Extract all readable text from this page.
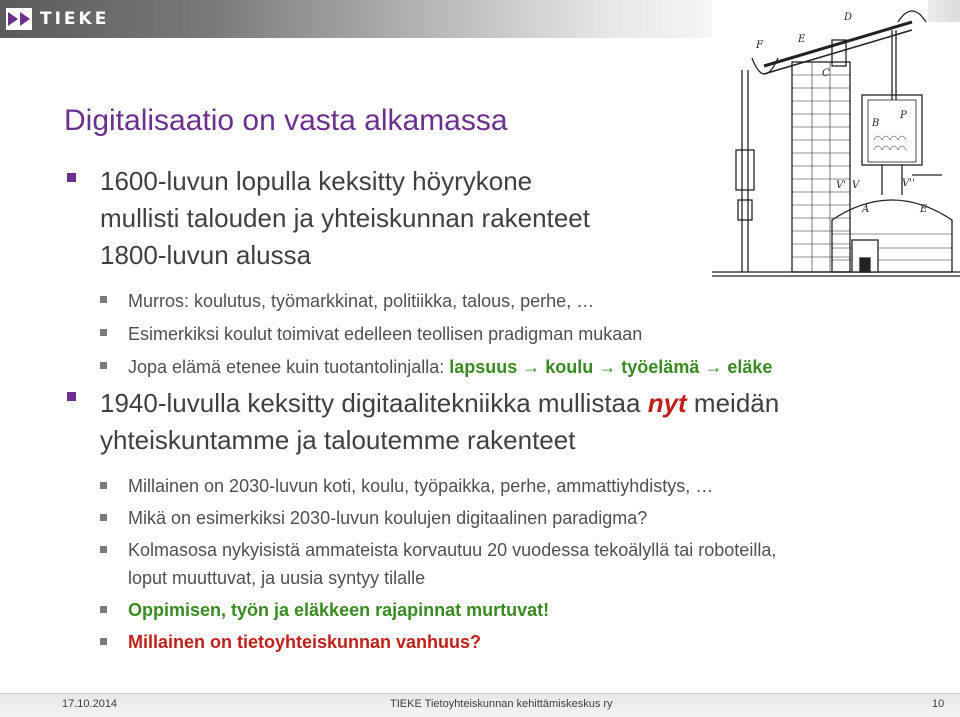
TIEKE	D
F
E
C
B
P
V' V	V''
A	E
Digitalisaatio on vasta alkamassa
1600-luvun lopulla keksitty höyrykone
mullisti talouden ja yhteiskunnan rakenteet
1800-luvun alussa
Murros: koulutus, työmarkkinat, politiikka, talous, perhe, …
Esimerkiksi koulut toimivat edelleen teollisen pradigman mukaan
Jopa elämä etenee kuin tuotantolinjalla: lapsuus → koulu → työelämä → eläke
1940-luvulla keksitty digitaalitekniikka mullistaa nyt meidän
yhteiskuntamme ja taloutemme rakenteet
Millainen on 2030-luvun koti, koulu, työpaikka, perhe, ammattiyhdistys, …
Mikä on esimerkiksi 2030-luvun koulujen digitaalinen paradigma?
Kolmasosa nykyisistä ammateista korvautuu 20 vuodessa tekoälyllä tai roboteilla,
loput muuttuvat, ja uusia syntyy tilalle
Oppimisen, työn ja eläkkeen rajapinnat murtuvat!
Millainen on tietoyhteiskunnan vanhuus?
17.10.2014	TIEKE Tietoyhteiskunnan kehittämiskeskus ry	10
